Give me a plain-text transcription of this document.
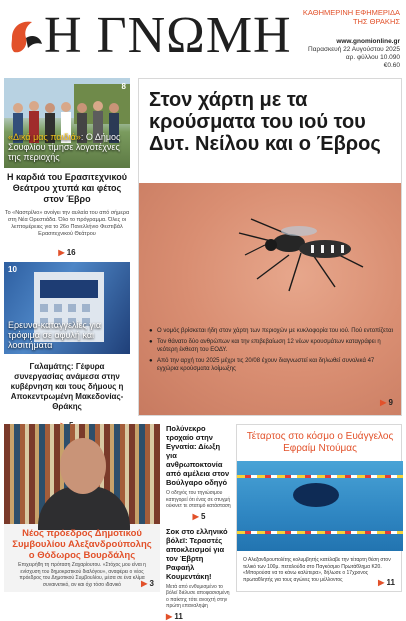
Η ΓΝΩΜΗ	ΚΑΘΗΜΕΡΙΝΗ ΕΦΗΜΕΡΙΔΑ ΤΗΣ ΘΡΑΚΗΣ
www.gnomionline.gr
Παρασκευή 22 Αυγούστου 2025
αρ. φύλλου 10.090
€0.60
8
«Δικά μας παιδιά»: Ο Δήμος Σουφλίου τίμησε λογοτέχνες της περιοχής
Η καρδιά του Ερασιτεχνικού Θεάτρου χτυπά και φέτος στον Έβρο

Το «Ναστρίλιο» ανοίγει την αυλαία του από σήμερα στη Νέα Ορεστιάδα. Όλο το πρόγραμμα. Όλες οι λεπτομέρειες για το 26ο Πανελλήνιο Φεστιβάλ Ερασιτεχνικού Θεάτρου

▶ 16
10
Ερευνα-καταγγελίες για τρόφιμα σε αφυλή και λοσιτήματα
Γαλαμάτης: Γέφυρα συνεργασίας ανάμεσα στην κυβέρνηση και τους δήμους η Αποκεντρωμένη Μακεδονίας-Θράκης
Στον χάρτη με τα κρούσματα του ιού του Δυτ. Νείλου και ο Έβρος
● Ο νομός βρίσκεται ήδη στον χάρτη των περιοχών με κυκλοφορία του ιού. Πού εντοπίζεται
● Τον θάνατο δύο ανθρώπων και την επιβεβαίωση 12 νέων κρουσμάτων καταγράφει η νεότερη έκθεση του ΕΟΔΥ.
● Από την αρχή του 2025 μέχρι τις 20/08 έχουν διαγνωστεί και δηλωθεί συνολικά 47 εγχώρια κρούσματα λοίμωξης
▶ 9
Νέος πρόεδρος Δημοτικού Συμβουλίου Αλεξανδρούπολης ο Θόδωρος Βουρδάλης

Επιχειρήθη τη πρόταση Ζαχαρίουτου. «Στόχος μου είναι η ενίσχυση του δημοκρατικού διαλόγου», αναφέρει ο νέος πρόεδρος του Δημοτικού Συμβουλίου, μέσα σε ένα κλίμα συναινετικό, αν και όχι τόσο ιδανικό	▶ 3
Πολύνεκρο τροχαίο στην Εγνατία: Δίωξη για ανθρωποκτονία από αμέλεια στον Βούλγαρο οδηγό

Ο οδηγός του τηγιώσιμου κατηγορεί ότι ένας σε στυγμή ούκινετ τε στατιμό κατάσταση

▶ 5
Σοκ στο ελληνικό βόλεϊ: Τεραστές αποκλεισμοί για τον Έβρτη Ραφαήλ Κουμεντάκη!

Μετά από ενθυμισμένο το βόλεϊ διέλυσε αποφασισμένη ο παίκτης τότε ανοιχτή στην πρώτη επαναληψη

▶ 11
Τέταρτος στο κόσμο ο Ευάγγελος Εφραίμ Ντούμας

Ο Αλεξανδρουπολίτης κολυμβητής κατέλαβε την τέταρτη θέση στον τελικό των 100μ. πεταλούδα στο Παγκόσμιο Πρωτάθλημα Κ20. «Μπορούσα να το κάνω καλύτερα», δήλωσε ο 17χρονος πρωταθλητής για τους αγώνες του μέλλοντος	▶ 11
